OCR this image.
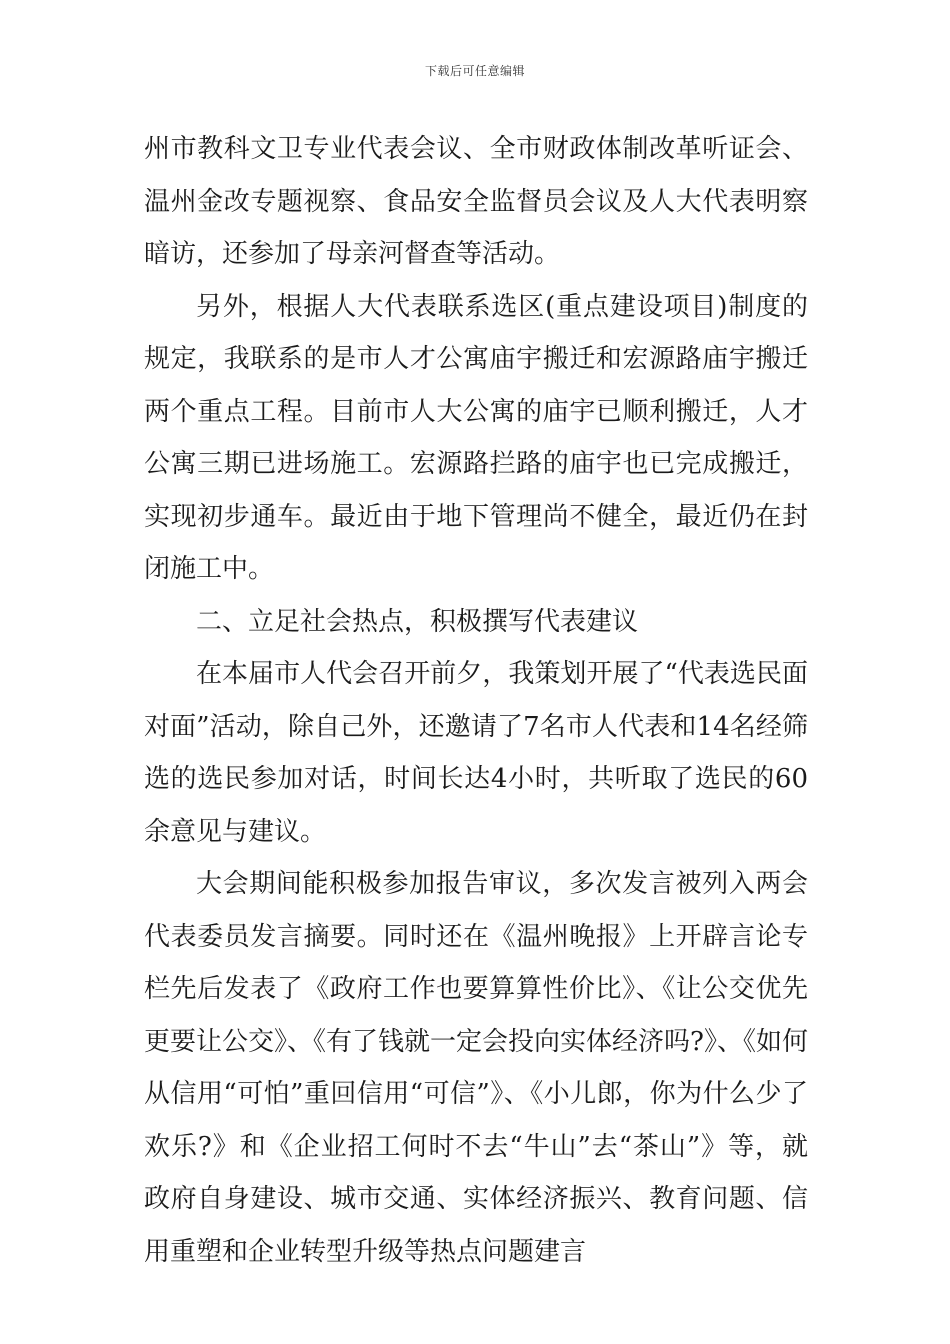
下载后可任意编辑

州市教科文卫专业代表会议、全市财政体制改革听证会、温州金改专题视察、食品安全监督员会议及人大代表明察暗访，还参加了母亲河督查等活动。

另外，根据人大代表联系选区(重点建设项目)制度的规定，我联系的是市人才公寓庙宇搬迁和宏源路庙宇搬迁两个重点工程。目前市人大公寓的庙宇已顺利搬迁，人才公寓三期已进场施工。宏源路拦路的庙宇也已完成搬迁，实现初步通车。最近由于地下管理尚不健全，最近仍在封闭施工中。

二、立足社会热点，积极撰写代表建议

在本届市人代会召开前夕，我策划开展了“代表选民面对面”活动，除自己外，还邀请了7名市人代表和14名经筛选的选民参加对话，时间长达4小时，共听取了选民的60余意见与建议。

大会期间能积极参加报告审议，多次发言被列入两会代表委员发言摘要。同时还在《温州晚报》上开辟言论专栏先后发表了《政府工作也要算算性价比》、《让公交优先更要让公交》、《有了钱就一定会投向实体经济吗?》、《如何从信用“可怕”重回信用“可信”》、《小儿郎，你为什么少了欢乐?》和《企业招工何时不去“牛山”去“茶山”》等，就政府自身建设、城市交通、实体经济振兴、教育问题、信用重塑和企业转型升级等热点问题建言
